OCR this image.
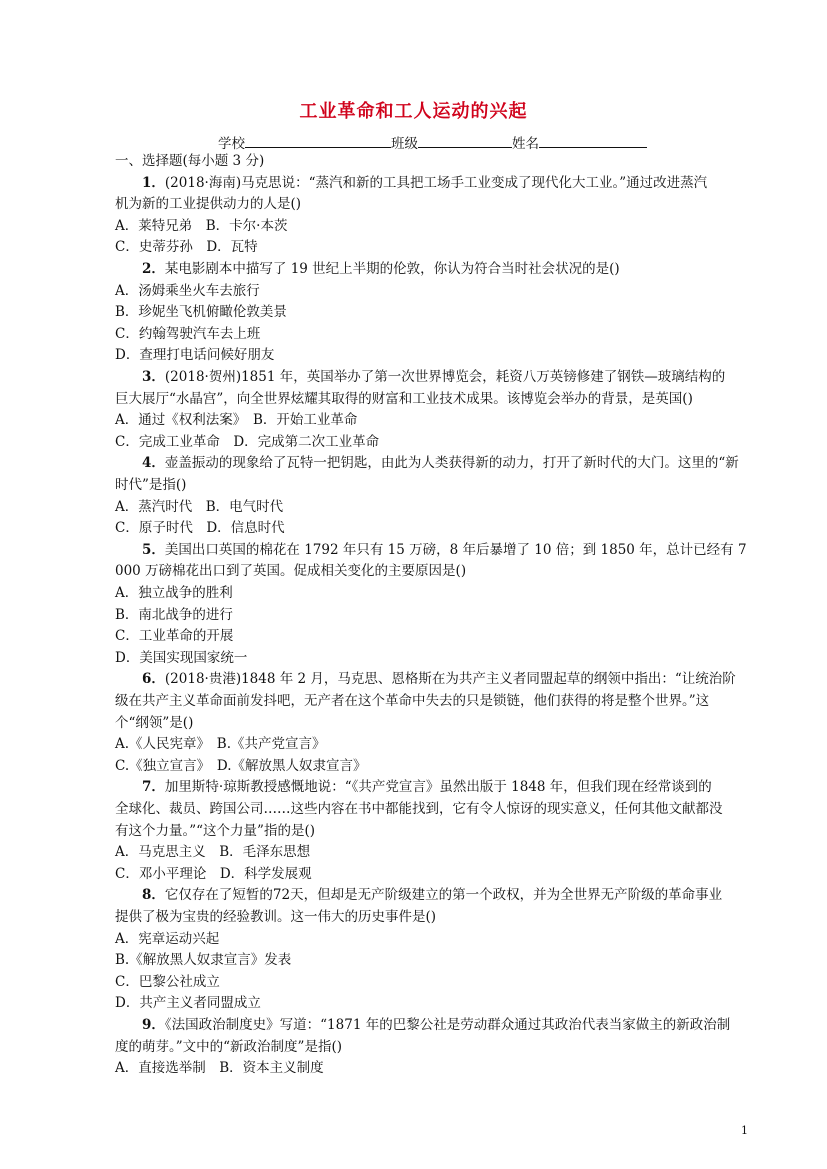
工业革命和工人运动的兴起
学校	班级	姓名
一、选择题(每小题 3 分)
1．(2018·海南)马克思说：“蒸汽和新的工具把工场手工业变成了现代化大工业。”通过改进蒸汽
机为新的工业提供动力的人是()
A．莱特兄弟　B．卡尔·本茨
C．史蒂芬孙　D．瓦特
2．某电影剧本中描写了 19 世纪上半期的伦敦，你认为符合当时社会状况的是()
A．汤姆乘坐火车去旅行
B．珍妮坐飞机俯瞰伦敦美景
C．约翰驾驶汽车去上班
D．查理打电话问候好朋友
3．(2018·贺州)1851 年，英国举办了第一次世界博览会，耗资八万英镑修建了钢铁—玻璃结构的
巨大展厅“水晶宫”，向全世界炫耀其取得的财富和工业技术成果。该博览会举办的背景，是英国()
A．通过《权利法案》　B．开始工业革命
C．完成工业革命　D．完成第二次工业革命
4．壶盖振动的现象给了瓦特一把钥匙，由此为人类获得新的动力，打开了新时代的大门。这里的“新
时代”是指()
A．蒸汽时代　B．电气时代
C．原子时代　D．信息时代
5．美国出口英国的棉花在 1792 年只有 15 万磅，8 年后暴增了 10 倍；到 1850 年，总计已经有 7
000 万磅棉花出口到了英国。促成相关变化的主要原因是()
A．独立战争的胜利
B．南北战争的进行
C．工业革命的开展
D．美国实现国家统一
6．(2018·贵港)1848 年 2 月，马克思、恩格斯在为共产主义者同盟起草的纲领中指出：“让统治阶
级在共产主义革命面前发抖吧，无产者在这个革命中失去的只是锁链，他们获得的将是整个世界。”这
个“纲领”是()
A.《人民宪章》　B.《共产党宣言》
C.《独立宣言》　D.《解放黑人奴隶宣言》
7．加里斯特·琼斯教授感慨地说：“《共产党宣言》虽然出版于 1848 年，但我们现在经常谈到的
全球化、裁员、跨国公司……这些内容在书中都能找到，它有令人惊讶的现实意义，任何其他文献都没
有这个力量。”“这个力量”指的是()
A．马克思主义　B．毛泽东思想
C．邓小平理论　D．科学发展观
8．它仅存在了短暂的72天，但却是无产阶级建立的第一个政权，并为全世界无产阶级的革命事业
提供了极为宝贵的经验教训。这一伟大的历史事件是()
A．宪章运动兴起
B.《解放黑人奴隶宣言》发表
C．巴黎公社成立
D．共产主义者同盟成立
9．《法国政治制度史》写道：“1871 年的巴黎公社是劳动群众通过其政治代表当家做主的新政治制
度的萌芽。”文中的“新政治制度”是指()
A．直接选举制　B．资本主义制度
1
